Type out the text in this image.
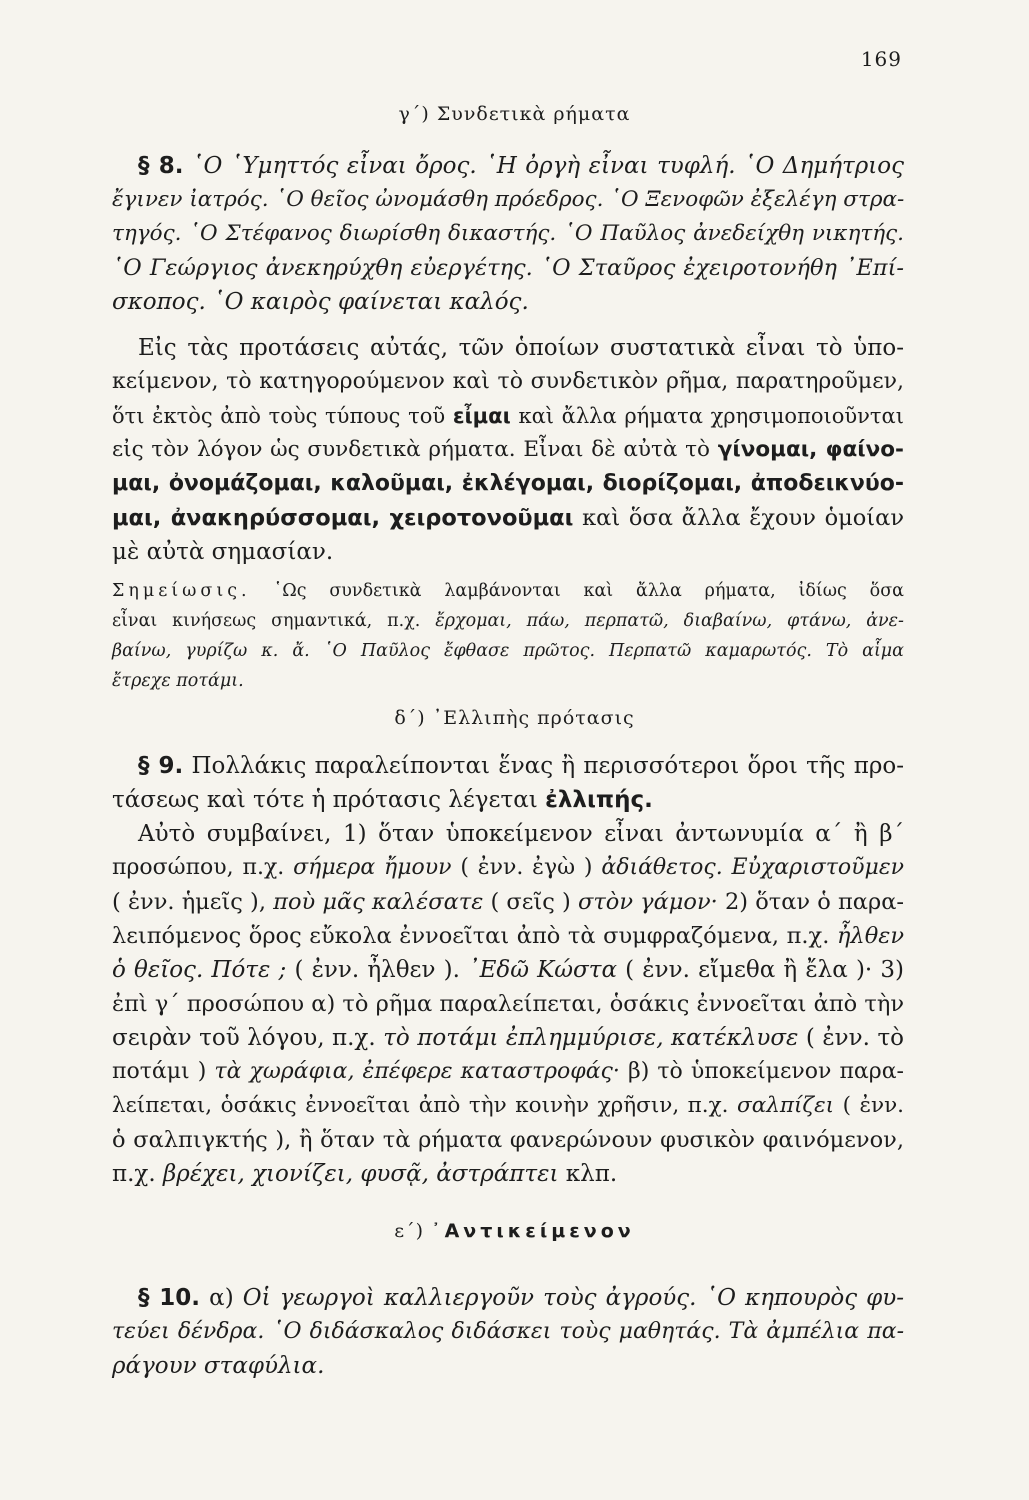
169
γ΄) Συνδετικὰ ρήματα
§ 8. ῾Ο ῾Υμηττός εἶναι ὄρος. ῾Η ὀργὴ εἶναι τυφλή. ῾Ο Δημήτριος
ἔγινεν ἰατρός. ῾Ο θεῖος ὠνομάσθη πρόεδρος. ῾Ο Ξενοφῶν ἐξελέγη στρα-
τηγός. ῾Ο Στέφανος διωρίσθη δικαστής. ῾Ο Παῦλος ἀνεδείχθη νικητής.
῾Ο Γεώργιος ἀνεκηρύχθη εὐεργέτης. ῾Ο Σταῦρος ἐχειροτονήθη ᾿Επί-
σκοπος. ῾Ο καιρὸς φαίνεται καλός.
Εἰς τὰς προτάσεις αὐτάς, τῶν ὁποίων συστατικὰ εἶναι τὸ ὑπο-
κείμενον, τὸ κατηγορούμενον καὶ τὸ συνδετικὸν ρῆμα, παρατηροῦμεν,
ὅτι ἐκτὸς ἀπὸ τοὺς τύπους τοῦ εἶμαι καὶ ἄλλα ρήματα χρησιμοποιοῦνται
εἰς τὸν λόγον ὡς συνδετικὰ ρήματα. Εἶναι δὲ αὐτὰ τὸ γίνομαι, φαίνο-
μαι, ὀνομάζομαι, καλοῦμαι, ἐκλέγομαι, διορίζομαι, ἀποδεικνύο-
μαι, ἀνακηρύσσομαι, χειροτονοῦμαι καὶ ὅσα ἄλλα ἔχουν ὁμοίαν
μὲ αὐτὰ σημασίαν.
Σημείωσις. ῾Ως συνδετικὰ λαμβάνονται καὶ ἄλλα ρήματα, ἰδίως ὅσα
εἶναι κινήσεως σημαντικά, π.χ. ἔρχομαι, πάω, περπατῶ, διαβαίνω, φτάνω, ἀνε-
βαίνω, γυρίζω κ. ἄ. ῾Ο Παῦλος ἔφθασε πρῶτος. Περπατῶ καμαρωτός. Τὸ αἷμα
ἔτρεχε ποτάμι.
δ΄) ᾿Ελλιπὴς πρότασις
§ 9. Πολλάκις παραλείπονται ἕνας ἢ περισσότεροι ὅροι τῆς προ-
τάσεως καὶ τότε ἡ πρότασις λέγεται ἐλλιπής.
Αὐτὸ συμβαίνει, 1) ὅταν ὑποκείμενον εἶναι ἀντωνυμία α΄ ἢ β΄
προσώπου, π.χ. σήμερα ἤμουν ( ἐνν. ἐγὼ ) ἀδιάθετος. Εὐχαριστοῦμεν
( ἐνν. ἡμεῖς ), ποὺ μᾶς καλέσατε ( σεῖς ) στὸν γάμον· 2) ὅταν ὁ παρα-
λειπόμενος ὅρος εὔκολα ἐννοεῖται ἀπὸ τὰ συμφραζόμενα, π.χ. ἦλθεν
ὁ θεῖος. Πότε ; ( ἐνν. ἦλθεν ). ᾿Εδῶ Κώστα ( ἐνν. εἴμεθα ἢ ἔλα )· 3)
ἐπὶ γ΄ προσώπου α) τὸ ρῆμα παραλείπεται, ὁσάκις ἐννοεῖται ἀπὸ τὴν
σειρὰν τοῦ λόγου, π.χ. τὸ ποτάμι ἐπλημμύρισε, κατέκλυσε ( ἐνν. τὸ
ποτάμι ) τὰ χωράφια, ἐπέφερε καταστροφάς· β) τὸ ὑποκείμενον παρα-
λείπεται, ὁσάκις ἐννοεῖται ἀπὸ τὴν κοινὴν χρῆσιν, π.χ. σαλπίζει ( ἐνν.
ὁ σαλπιγκτής ), ἢ ὅταν τὰ ρήματα φανερώνουν φυσικὸν φαινόμενον,
π.χ. βρέχει, χιονίζει, φυσᾷ, ἀστράπτει κλπ.
ε΄) ᾿Αντικείμενον
§ 10. α) Οἱ γεωργοὶ καλλιεργοῦν τοὺς ἀγρούς. ῾Ο κηπουρὸς φυ-
τεύει δένδρα. ῾Ο διδάσκαλος διδάσκει τοὺς μαθητάς. Τὰ ἀμπέλια πα-
ράγουν σταφύλια.
